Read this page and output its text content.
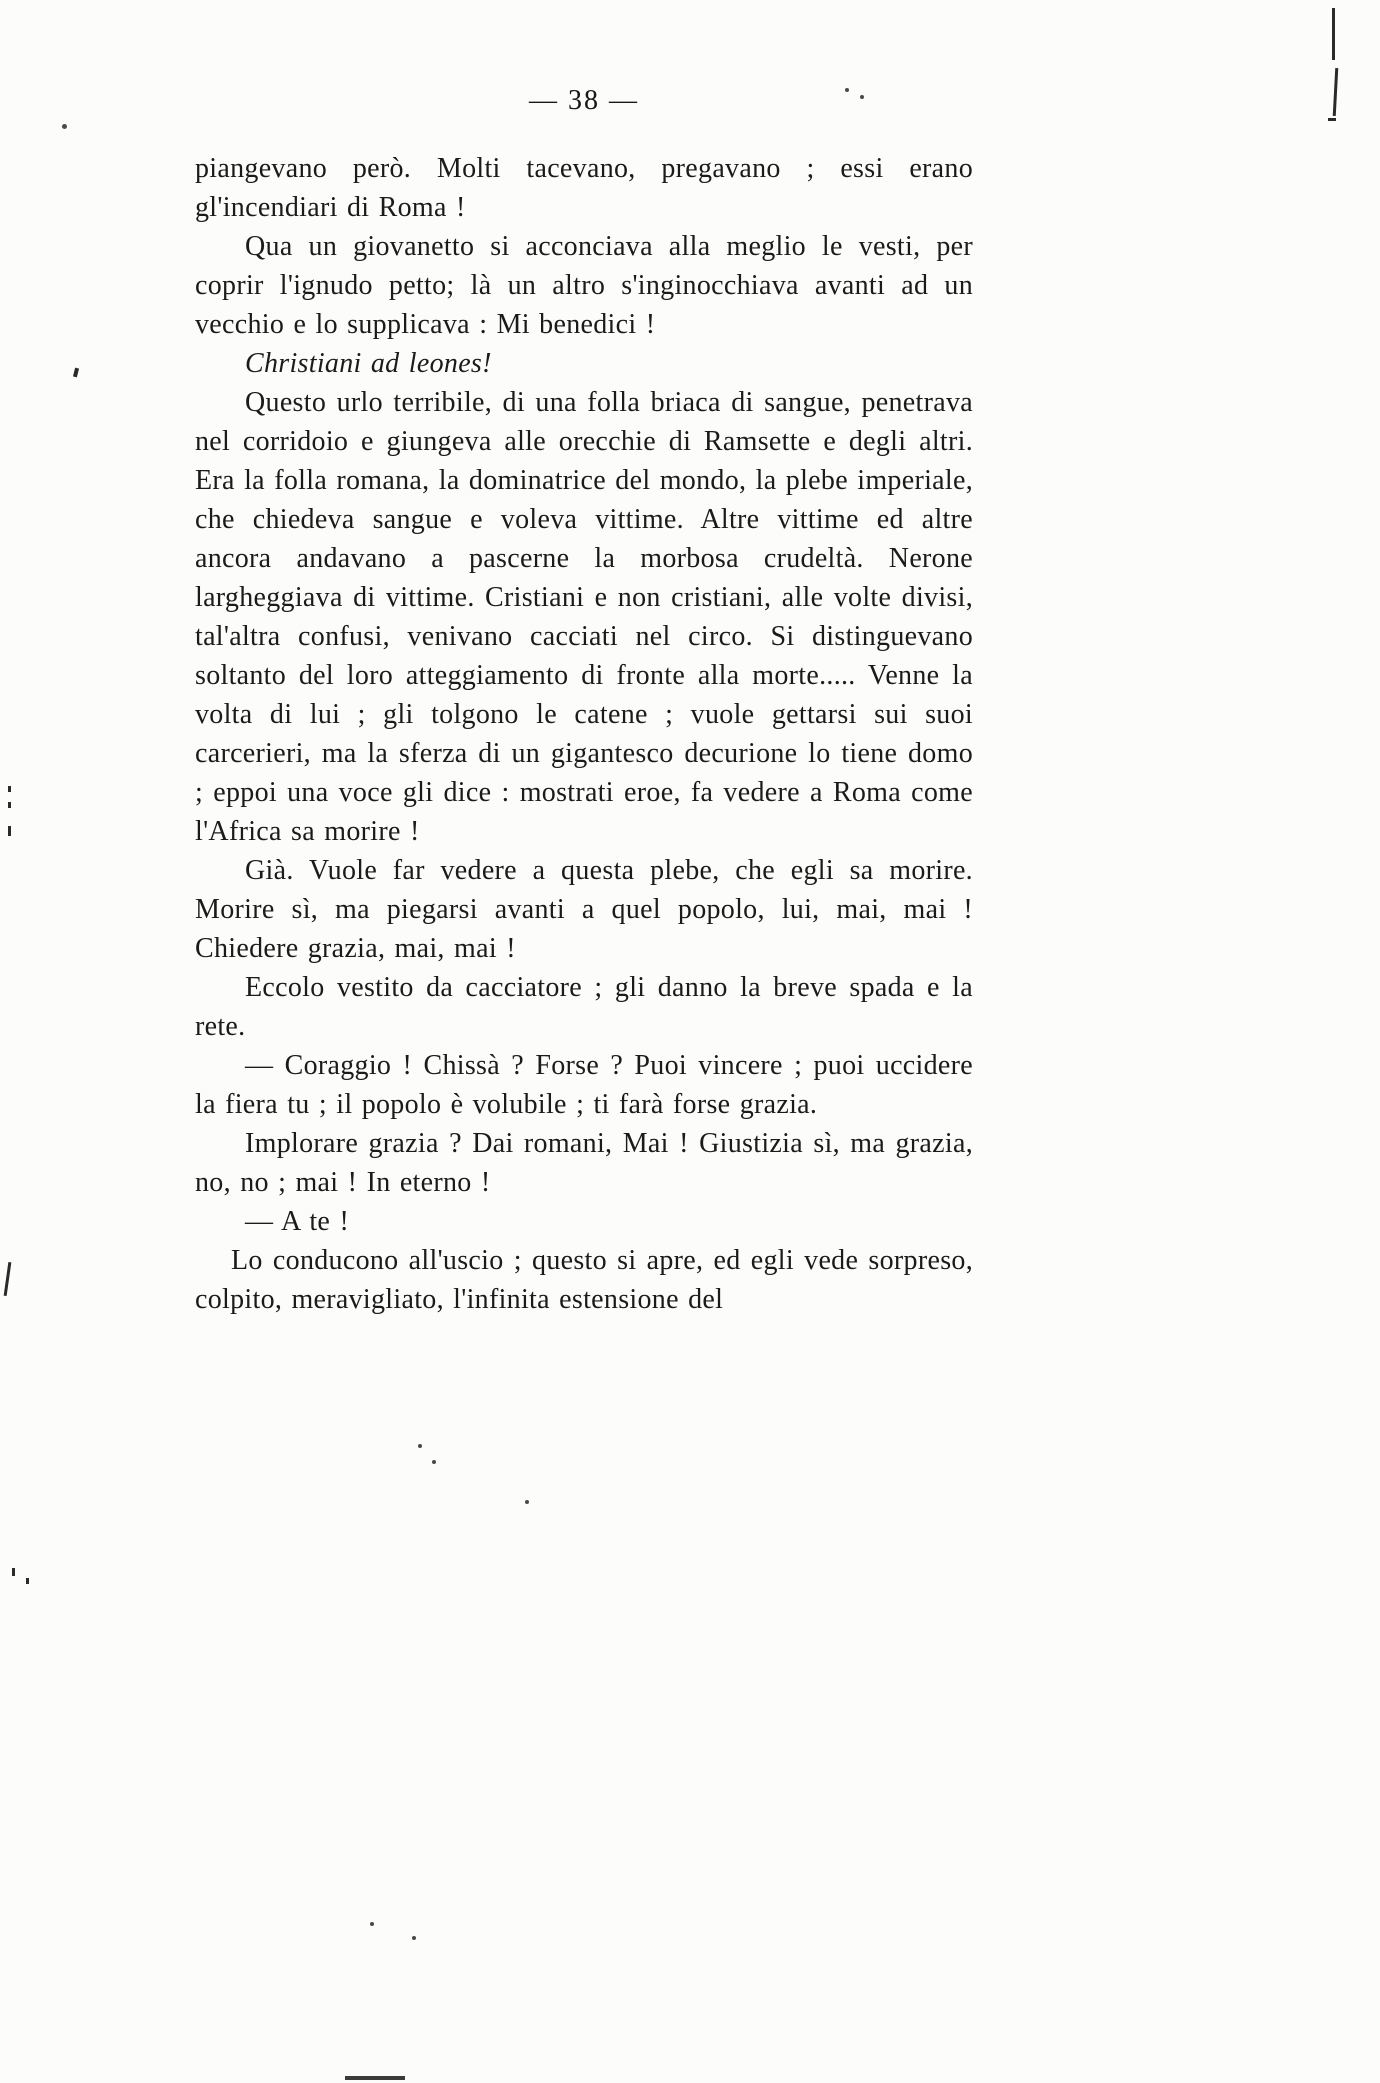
— 38 —

piangevano però. Molti tacevano, pregavano ; essi erano gl'incendiari di Roma !

Qua un giovanetto si acconciava alla meglio le vesti, per coprir l'ignudo petto; là un altro s'inginocchiava avanti ad un vecchio e lo supplicava : Mi benedici !

Christiani ad leones!

Questo urlo terribile, di una folla briaca di sangue, penetrava nel corridoio e giungeva alle orecchie di Ramsette e degli altri. Era la folla romana, la dominatrice del mondo, la plebe imperiale, che chiedeva sangue e voleva vittime. Altre vittime ed altre ancora andavano a pascerne la morbosa crudeltà. Nerone largheggiava di vittime. Cristiani e non cristiani, alle volte divisi, tal'altra confusi, venivano cacciati nel circo. Si distinguevano soltanto del loro atteggiamento di fronte alla morte..... Venne la volta di lui ; gli tolgono le catene ; vuole gettarsi sui suoi carcerieri, ma la sferza di un gigantesco decurione lo tiene domo ; eppoi una voce gli dice : mostrati eroe, fa vedere a Roma come l'Africa sa morire !

Già. Vuole far vedere a questa plebe, che egli sa morire. Morire sì, ma piegarsi avanti a quel popolo, lui, mai, mai ! Chiedere grazia, mai, mai !

Eccolo vestito da cacciatore ; gli danno la breve spada e la rete.

— Coraggio ! Chissà ? Forse ? Puoi vincere ; puoi uccidere la fiera tu ; il popolo è volubile ; ti farà forse grazia.

Implorare grazia ? Dai romani, Mai ! Giustizia sì, ma grazia, no, no ; mai ! In eterno !

— A te !

Lo conducono all'uscio ; questo si apre, ed egli vede sorpreso, colpito, meravigliato, l'infinita estensione del
